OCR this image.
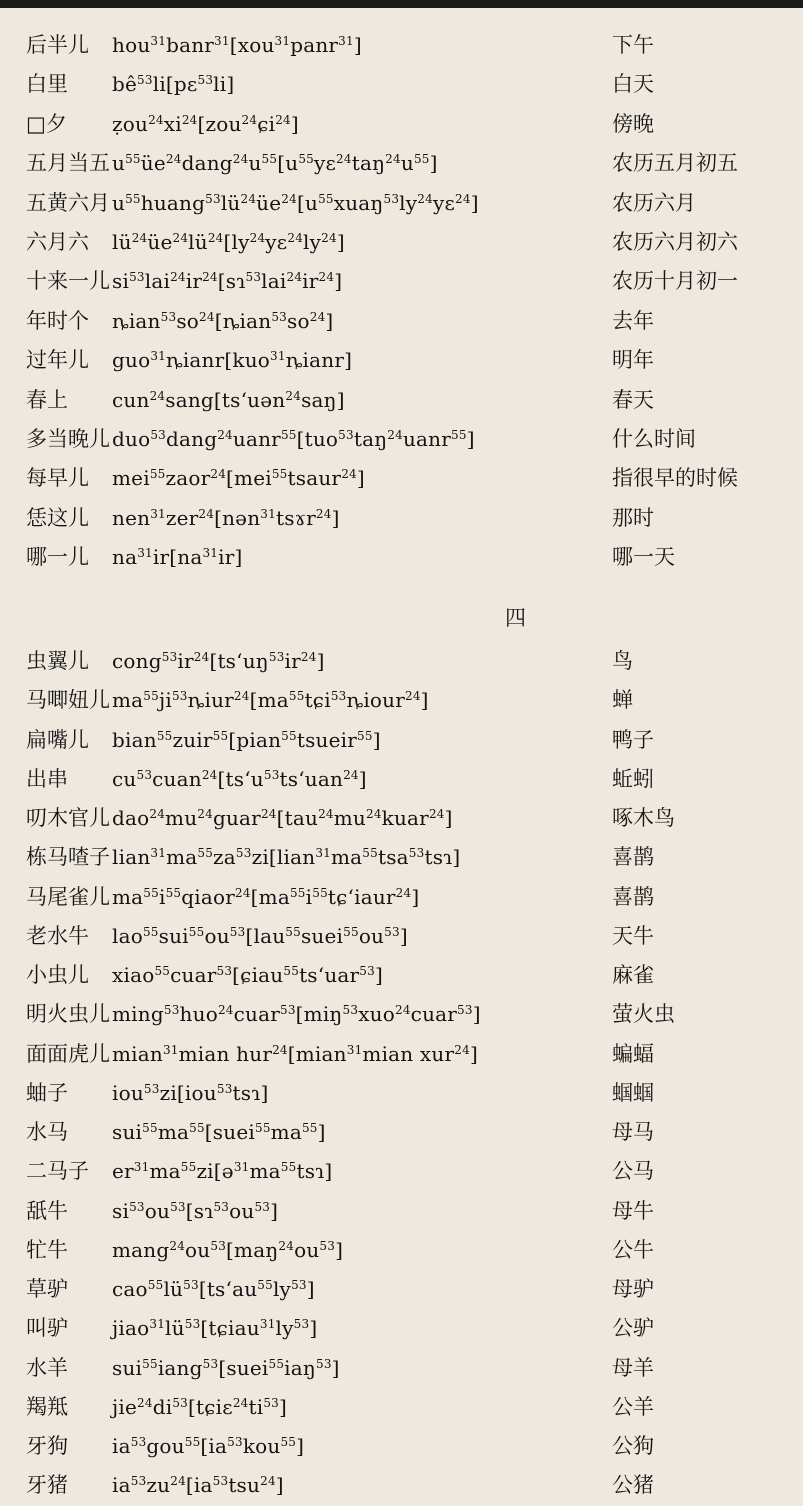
后半儿 hou$^{31}$banr$^{31}$[xou$^{31}$panr$^{31}$]	下午
白里 $bê^{53}li[pɛ^{53}li]$	白天
□夕 $ẓou^{24}xi^{24}[zou^{24}ɕi^{24}]$	傍晚
五月当五 $u^{55}üe^{24}dang^{24}u^{55}[u^{55}yɛ^{24}taŋ^{24}u^{55}]$	农历五月初五
五黄六月 $u^{55}huang^{53}lü^{24}üe^{24}[u^{55}xuaŋ^{53}ly^{24}yɛ^{24}]$	农历六月
六月六 $lü^{24}üe^{24}lü^{24}[ly^{24}yɛ^{24}ly^{24}]$	农历六月初六
十来一儿 $si^{53}lai^{24}ir^{24}[sɿ^{53}lai^{24}ir^{24}]$	农历十月初一
年时个 $ȵian^{53}so^{24}[ȵian^{53}so^{24}]$	去年
过年儿 guo$^{31}$ȵianr[kuo$^{31}$ȵianr]	明年
春上 cun$^{24}$sang[tsʻuən$^{24}$saŋ]	春天
多当晚儿 duo$^{53}$dang$^{24}$uanr$^{55}$[tuo$^{53}$taŋ$^{24}$uanr$^{55}$]	什么时间
每早儿 mei$^{55}$zaor$^{24}$[mei$^{55}$tsaur$^{24}$]	指很早的时候
恁这儿 nen$^{31}$zer$^{24}$[nən$^{31}$tsɤr$^{24}$]	那时
哪一儿 $na^{31}ir[na^{31}ir]$	哪一天
四
虫翼儿 $cong^{53}ir^{24}[tsʻuŋ^{53}ir^{24}]$	鸟
马唧妞儿 $ma^{55}ji^{53}ȵiur^{24}[ma^{55}tɕi^{53}ȵiour^{24}]$	蝉
扁嘴儿 bian$^{55}$zuir$^{55}$[pian$^{55}$tsueir$^{55}$]	鸭子
出串 $cu^{53}cuan^{24}[tsʻu^{53}tsʻuan^{24}]$	蚯蚓
叨木官儿 $dao^{24}mu^{24}guar^{24}[tau^{24}mu^{24}kuar^{24}]$	啄木鸟
栋马喳子 $lian^{31}ma^{55}za^{53}zi[lian^{31}ma^{55}tsa^{53}tsɿ]$	喜鹊
马尾雀儿 $ma^{55}i^{55}qiaor^{24}[ma^{55}i^{55}tɕʻiaur^{24}]$	喜鹊
老水牛 $lao^{55}sui^{55}ou^{53}[lau^{55}suei^{55}ou^{53}]$	天牛
小虫儿 xiao$^{55}$cuar$^{53}$[ɕiau$^{55}$tsʻuar$^{53}$]	麻雀
明火虫儿 ming$^{53}$huo$^{24}$cuar$^{53}$[miŋ$^{53}$xuo$^{24}$cuar$^{53}$]	萤火虫
面面虎儿 mian$^{31}$mian hur$^{24}$[mian$^{31}$mian xur$^{24}$]	蝙蝠
蚰子 iou$^{53}$zi[iou$^{53}$tsɿ]	蝈蝈
水马 $sui^{55}ma^{55}[suei^{55}ma^{55}]$	母马
二马子 $er^{31}ma^{55}zi[ə^{31}ma^{55}tsɿ]$	公马
舐牛 $si^{53}ou^{53}[sɿ^{53}ou^{53}]$	母牛
牤牛 $mang^{24}ou^{53}[maŋ^{24}ou^{53}]$	公牛
草驴 $cao^{55}lü^{53}[tsʻau^{55}ly^{53}]$	母驴
叫驴 $jiao^{31}lü^{53}[tɕiau^{31}ly^{53}]$	公驴
水羊 sui$^{55}$iang$^{53}$[suei$^{55}$iaŋ$^{53}$]	母羊
羯羝 $jie^{24}di^{53}[tɕiɛ^{24}ti^{53}]$	公羊
牙狗 $ia^{53}gou^{55}[ia^{53}kou^{55}]$	公狗
牙猪 $ia^{53}zu^{24}[ia^{53}tsu^{24}]$	公猪
